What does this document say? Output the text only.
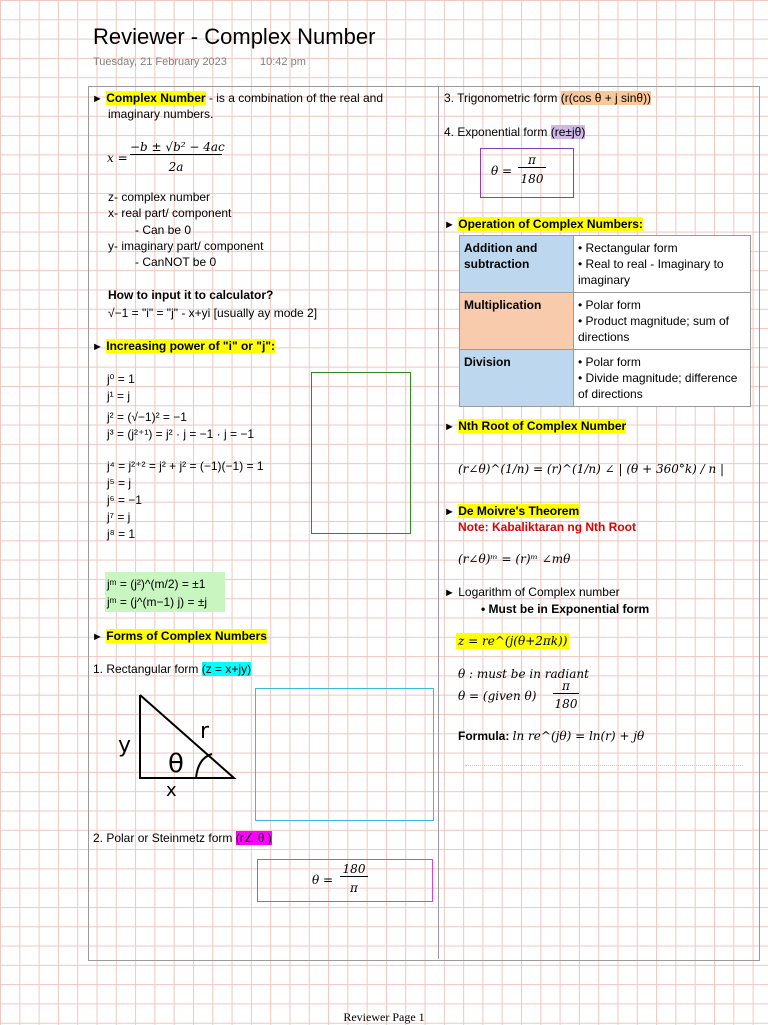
Reviewer - Complex Number
Tuesday, 21 February 2023	10:42 pm
► Complex Number - is a combination of the real and
imaginary numbers.
x =
−b ± √b² − 4ac
2a
z- complex number
x- real part/ component
- Can be 0
y- imaginary part/ component
- CanNOT be 0
How to input it to calculator?
√−1 = "i" = "j" - x+yi [usually ay mode 2]
► Increasing power of "i" or "j":
j⁰ = 1
j¹ = j
j² = (√−1)² = −1
j³ = (j²⁺¹) = j² · j = −1 · j = −1
j⁴ = j²⁺² = j² + j² = (−1)(−1) = 1
j⁵ = j
j⁶ = −1
j⁷ = j
j⁸ = 1
jᵐ = (j²)^(m/2) = ±1
jᵐ = (j^(m−1) j) = ±j
► Forms of Complex Numbers
1. Rectangular form (z = x+jy)
r
y
θ
x
2. Polar or Steinmetz form (r∠ θ )
θ =
180
π
3. Trigonometric form (r(cos θ + j sinθ))
4. Exponential form (re±jθ)
θ =
π
180
► Operation of Complex Numbers:
Addition and subtraction	• Rectangular form
• Real to real - Imaginary to imaginary

Multiplication	• Polar form
• Product magnitude; sum of directions

Division	• Polar form
• Divide magnitude; difference of directions
► Nth Root of Complex Number
(r∠θ)^(1/n) = (r)^(1/n) ∠ | (θ + 360°k) / n |
► De Moivre's Theorem
Note: Kabaliktaran ng Nth Root
(r∠θ)ᵐ = (r)ᵐ ∠mθ
► Logarithm of Complex number
• Must be in Exponential form
z = re^(j(θ+2πk))
θ : must be in radiant
θ = (given θ)
π
180
Formula: ln re^(jθ) = ln(r) + jθ
Reviewer Page 1
